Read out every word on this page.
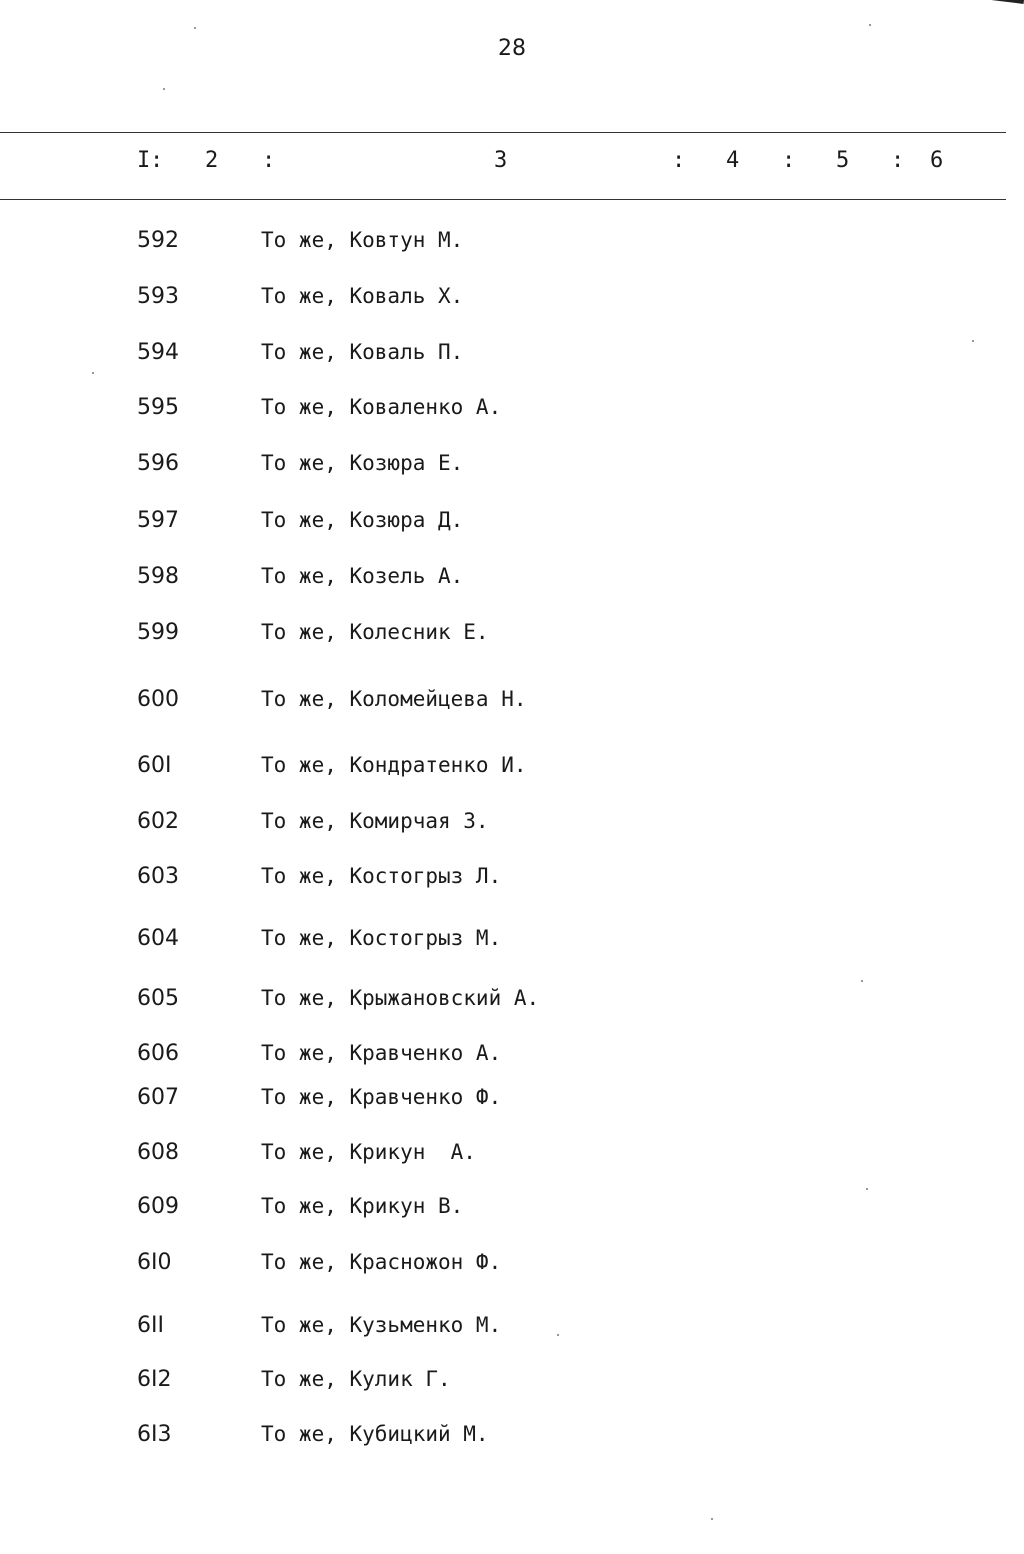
28
I : 2 :	3	: 4 : 5 : 6
592	То же, Ковтун М.
593	То же, Коваль Х.
594	То же, Коваль П.
595	То же, Коваленко А.
596	То же, Козюра Е.
597	То же, Козюра Д.
598	То же, Козель А.
599	То же, Колесник Е.
600	То же, Коломейцева Н.
60I	То же, Кондратенко И.
602	То же, Комирчая З.
603	То же, Костогрыз Л.
604	То же, Костогрыз М.
605	То же, Крыжановский А.
606	То же, Кравченко А.
607	То же, Кравченко Ф.
608	То же, Крикун  А.
609	То же, Крикун В.
6I0	То же, Красножон Ф.
6II	То же, Кузьменко М.
6I2	То же, Кулик Г.
6I3	То же, Кубицкий М.
